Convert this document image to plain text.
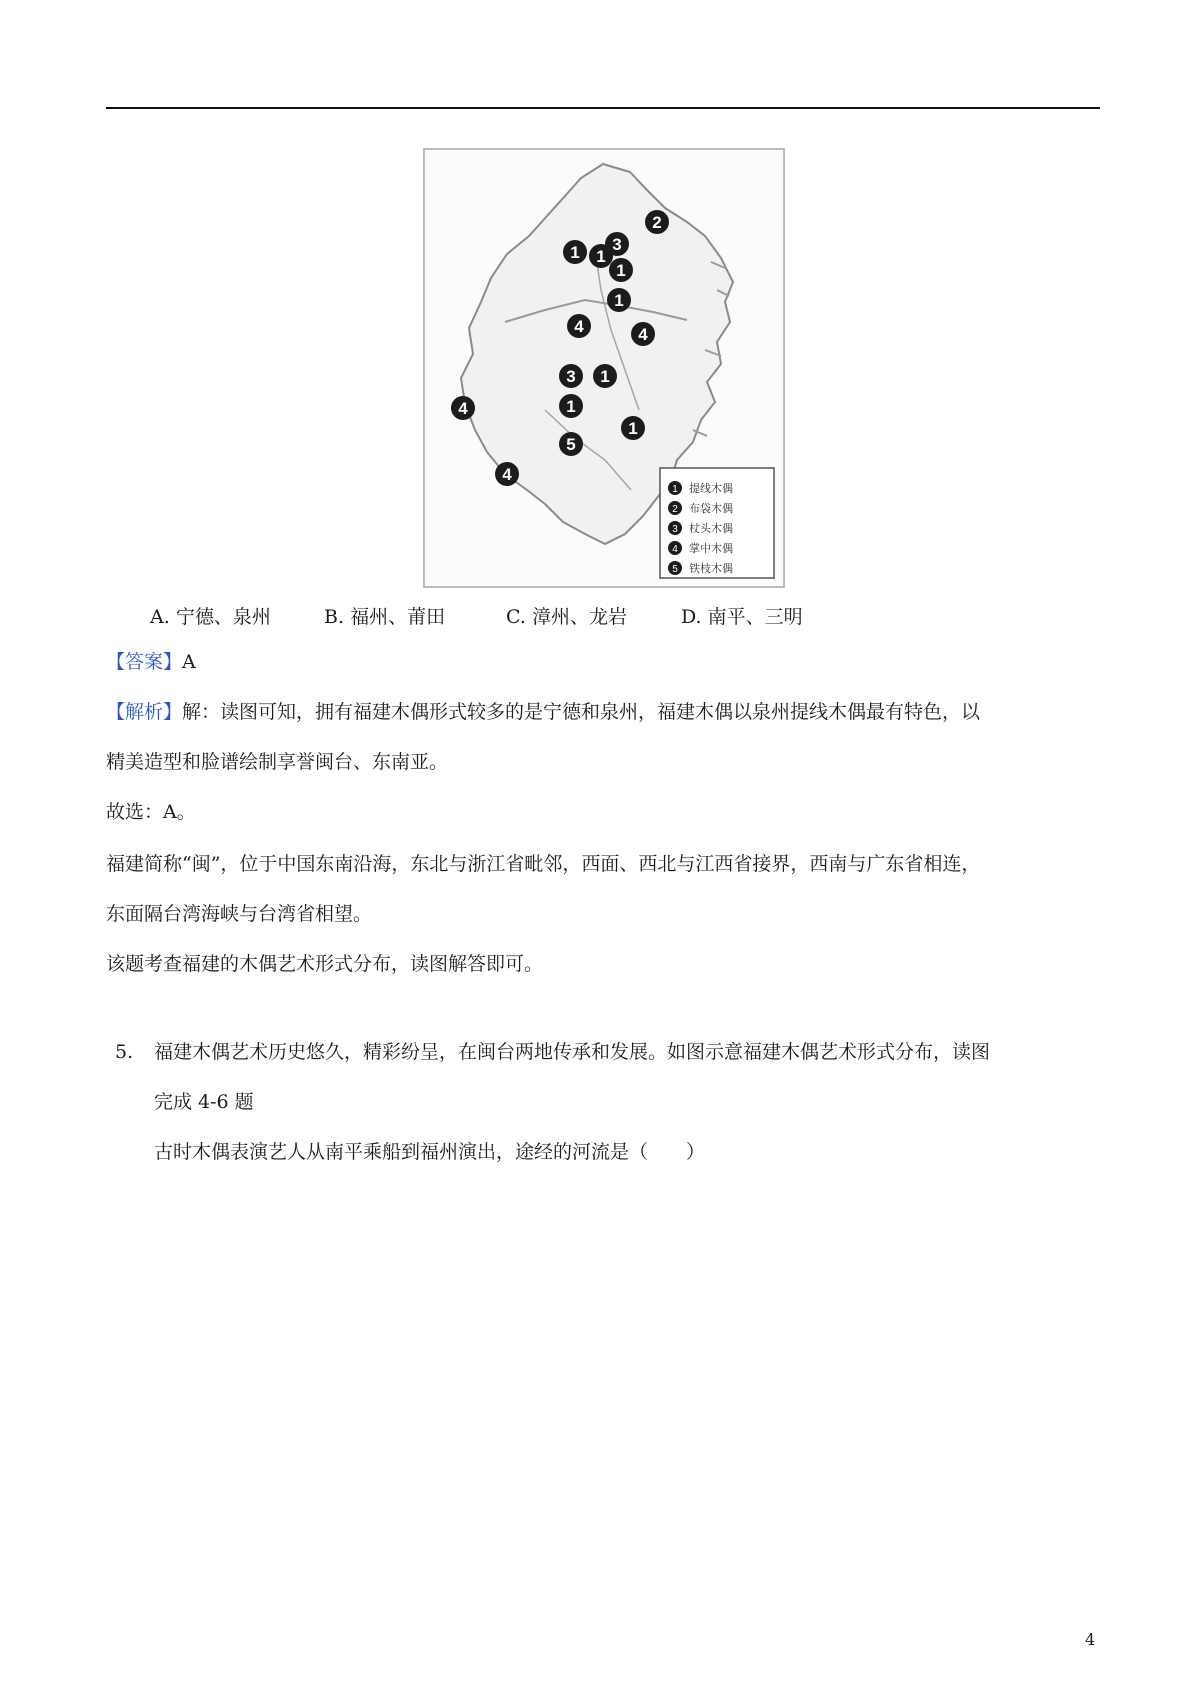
1
2
3
1
1
1
4
3 1
4
1
1
4
5
4
1 提线木偶
2 布袋木偶
3 杖头木偶
4 掌中木偶
5 铁枝木偶
A. 宁德、泉州	B. 福州、莆田	C. 漳州、龙岩	D. 南平、三明
【答案】A
【解析】解：读图可知，拥有福建木偶形式较多的是宁德和泉州，福建木偶以泉州提线木偶最有特色，以
精美造型和脸谱绘制享誉闽台、东南亚。
故选：A。
福建简称“闽”，位于中国东南沿海，东北与浙江省毗邻，西面、西北与江西省接界，西南与广东省相连，
东面隔台湾海峡与台湾省相望。
该题考查福建的木偶艺术形式分布，读图解答即可。
5. 福建木偶艺术历史悠久，精彩纷呈，在闽台两地传承和发展。如图示意福建木偶艺术形式分布，读图
完成 4-6 题
古时木偶表演艺人从南平乘船到福州演出，途经的河流是（　　）
4
